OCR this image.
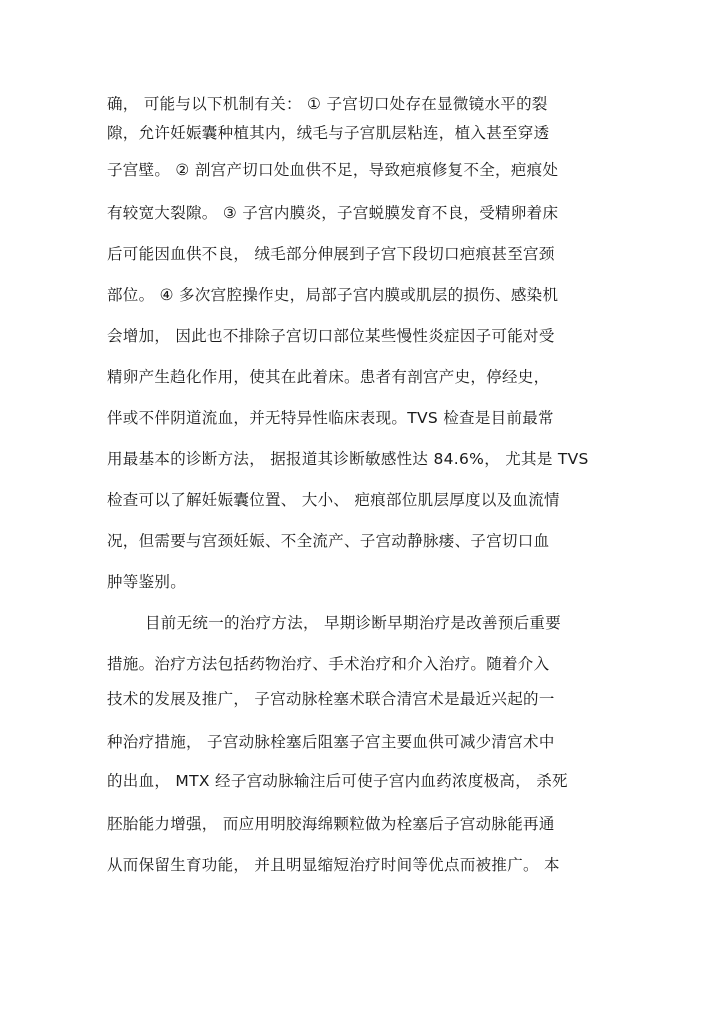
确， 可能与以下机制有关： ① 子宫切口处存在显微镜水平的裂
隙，允许妊娠囊种植其内，绒毛与子宫肌层粘连，植入甚至穿透
子宫壁。 ② 剖宫产切口处血供不足，导致疤痕修复不全，疤痕处
有较宽大裂隙。 ③ 子宫内膜炎，子宫蜕膜发育不良，受精卵着床
后可能因血供不良， 绒毛部分伸展到子宫下段切口疤痕甚至宫颈
部位。 ④ 多次宫腔操作史，局部子宫内膜或肌层的损伤、感染机
会增加， 因此也不排除子宫切口部位某些慢性炎症因子可能对受
精卵产生趋化作用，使其在此着床。患者有剖宫产史，停经史，
伴或不伴阴道流血，并无特异性临床表现。TVS 检查是目前最常
用最基本的诊断方法， 据报道其诊断敏感性达 84.6%， 尤其是 TVS
检查可以了解妊娠囊位置、 大小、 疤痕部位肌层厚度以及血流情
况，但需要与宫颈妊娠、不全流产、子宫动静脉瘘、子宫切口血
肿等鉴别。
目前无统一的治疗方法， 早期诊断早期治疗是改善预后重要
措施。治疗方法包括药物治疗、手术治疗和介入治疗。随着介入
技术的发展及推广， 子宫动脉栓塞术联合清宫术是最近兴起的一
种治疗措施， 子宫动脉栓塞后阻塞子宫主要血供可减少清宫术中
的出血， MTX 经子宫动脉输注后可使子宫内血药浓度极高， 杀死
胚胎能力增强， 而应用明胶海绵颗粒做为栓塞后子宫动脉能再通
从而保留生育功能， 并且明显缩短治疗时间等优点而被推广。 本
